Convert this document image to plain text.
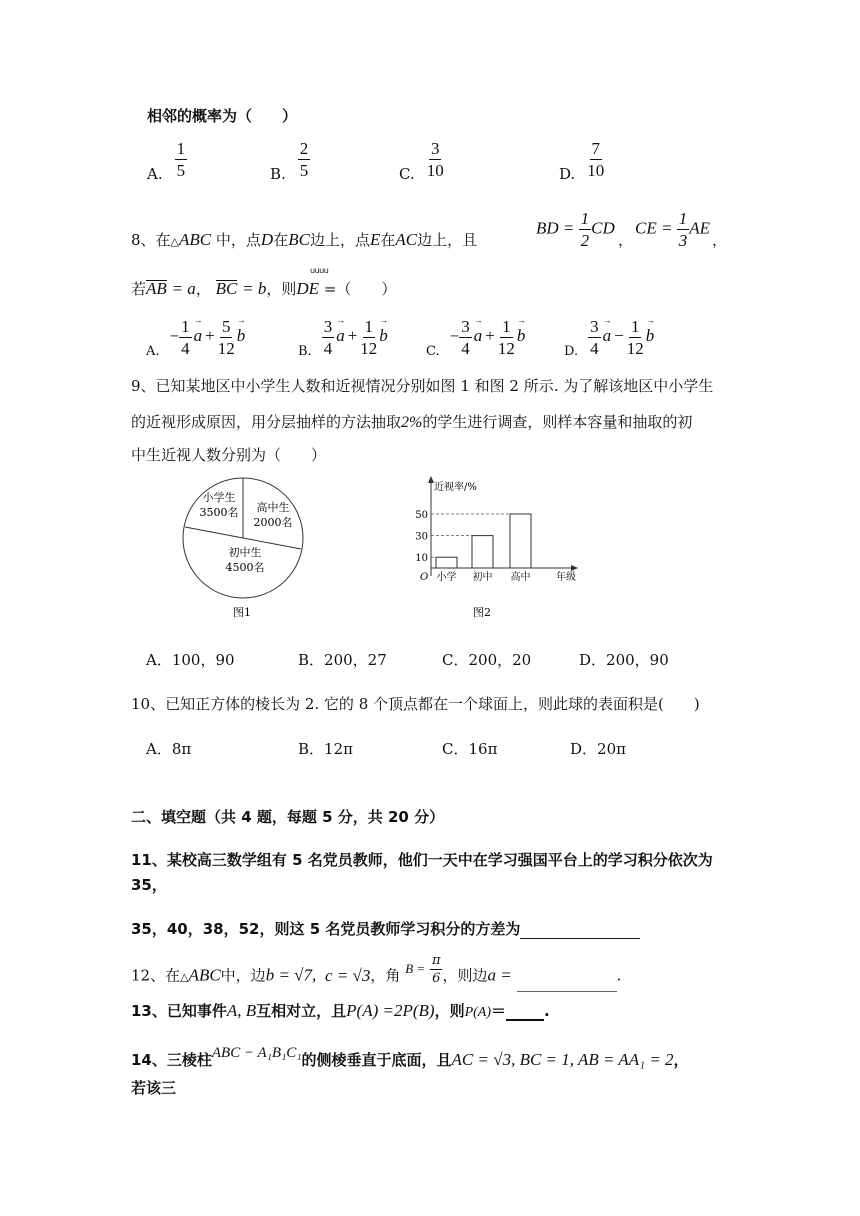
相邻的概率为（　　）
8、在△ABC 中，点D在BC边上，点E在AC边上，且
BD = $\frac{1}{2}$ CD
，
CE = $\frac{1}{3}$ AE
，
若AB = a， BC = b，则DE =（　　）
uuuu
9、已知某地区中小学生人数和近视情况分别如图 1 和图 2 所示. 为了解该地区中小学生
的近视形成原因，用分层抽样的方法抽取2%的学生进行调查，则样本容量和抽取的初
中生近视人数分别为（　　）
小学生
3500名 高中生
2000名
初中生
4500名
图1
近视率/%
O	年级
10
小学
30
初中
50
高中
图2
10、已知正方体的棱长为 2. 它的 8 个顶点都在一个球面上，则此球的表面积是(　　)
二、填空题（共 4 题，每题 5 分，共 20 分）
11、某校高三数学组有 5 名党员教师，他们一天中在学习强国平台上的学习积分依次为
35，
35，40，38，52，则这 5 名党员教师学习积分的方差为
12、在△ABC中，边b = √7, c = √3，角 $B = \frac{\pi}{6}$ ，则边a =	.
13、已知事件A, B互相对立，且P(A) =2P(B)，则P(A)＝	.
14、三棱柱ABC − A₁B₁C₁的侧棱垂直于底面，且AC = √3, BC = 1, AB = AA₁ = 2，
若该三
A. $\frac{1}{5}$	B. $\frac{2}{5}$	C. $\frac{3}{10}$	D. $\frac{7}{10}$
$_{A.}- \frac{1}{4}$
→ $a + \frac{5}{12}$
→ b
$_{B.} \frac{3}{4}$
→ $a + \frac{1}{12}$
→ b
$_{C.}- \frac{3}{4}$
→ $a + \frac{1}{12}$
→ b
$_{D.} \frac{3}{4}$
→ $a - \frac{1}{12}$
→ b
A．100，90	B．200，27	C．200，20	D．200，90
A．8π	B．12π	C．16π	D．20π
